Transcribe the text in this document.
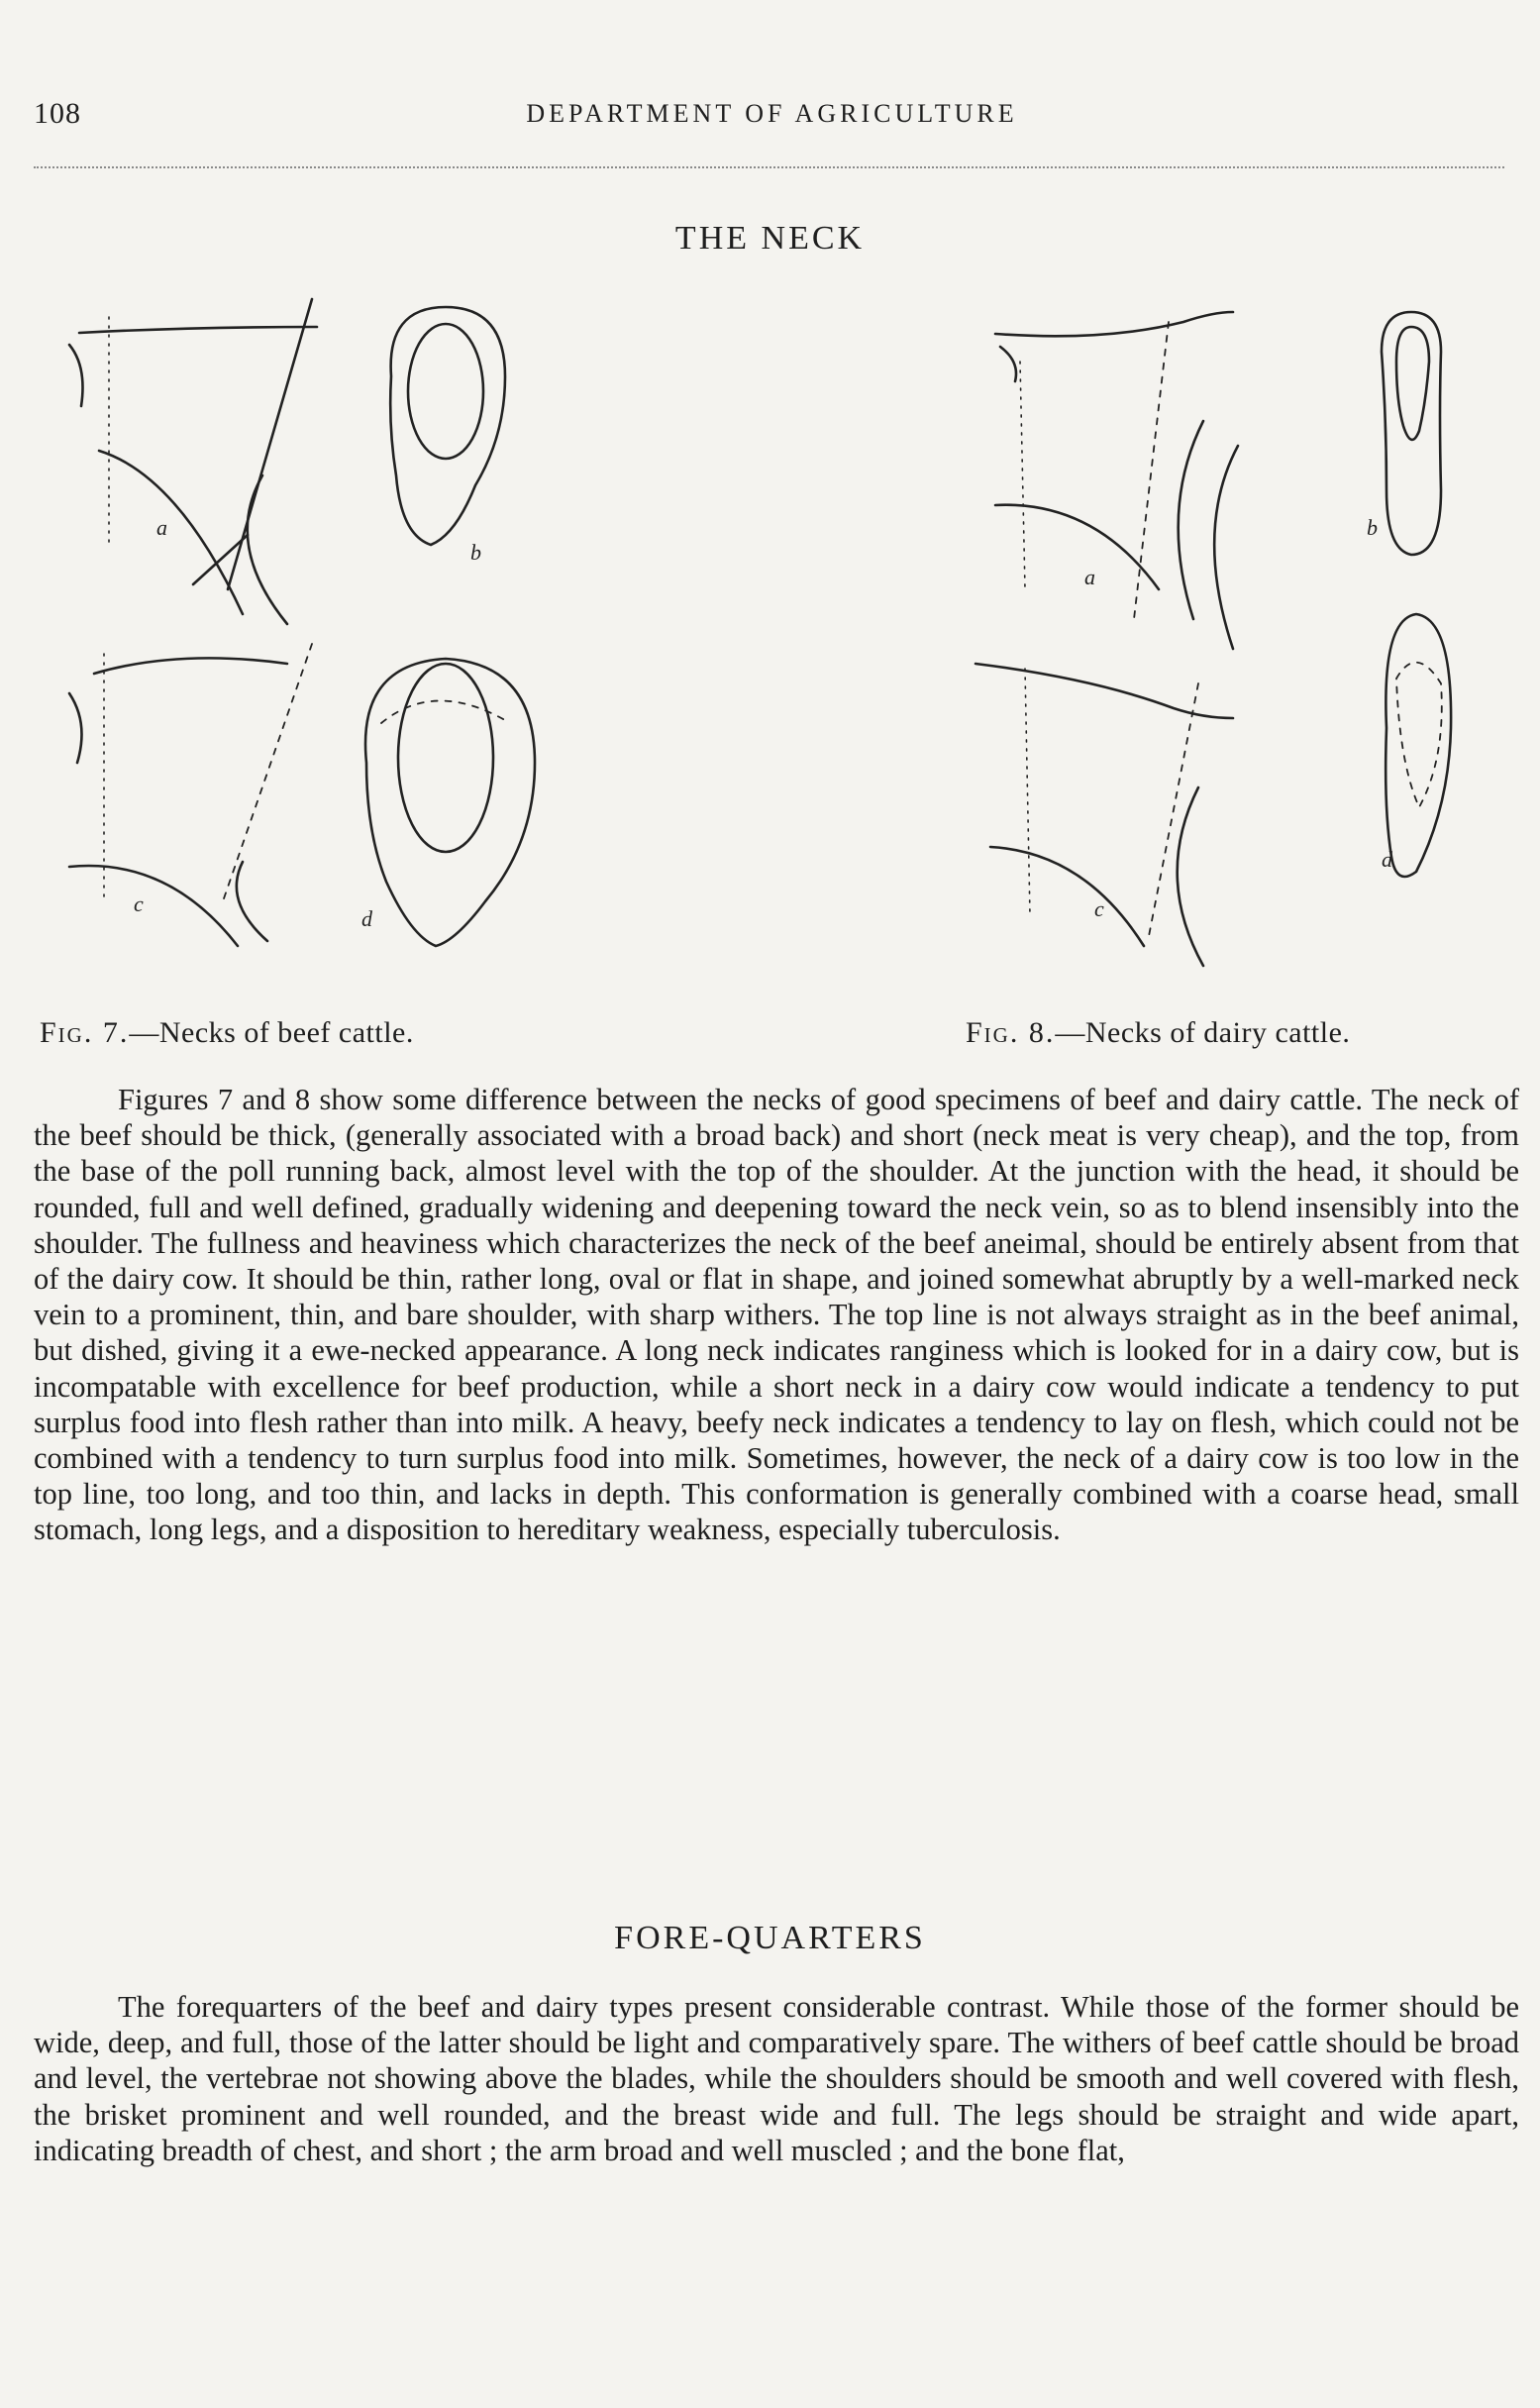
108	DEPARTMENT OF AGRICULTURE
THE NECK
a
b
c
d
a
b
c
d
Fig. 7.—Necks of beef cattle.	Fig. 8.—Necks of dairy cattle.

Figures 7 and 8 show some difference between the necks of good specimens of beef and dairy cattle. The neck of the beef should be thick, (generally associated with a broad back) and short (neck meat is very cheap), and the top, from the base of the poll running back, almost level with the top of the shoulder. At the junction with the head, it should be rounded, full and well defined, gradually widening and deepening toward the neck vein, so as to blend insensibly into the shoulder. The fullness and heaviness which characterizes the neck of the beef aneimal, should be entirely absent from that of the dairy cow. It should be thin, rather long, oval or flat in shape, and joined somewhat abruptly by a well-marked neck vein to a prominent, thin, and bare shoulder, with sharp withers. The top line is not always straight as in the beef animal, but dished, giving it a ewe-necked appearance. A long neck indicates ranginess which is looked for in a dairy cow, but is incompatable with excellence for beef production, while a short neck in a dairy cow would indicate a tendency to put surplus food into flesh rather than into milk. A heavy, beefy neck indicates a tendency to lay on flesh, which could not be combined with a tendency to turn surplus food into milk. Sometimes, however, the neck of a dairy cow is too low in the top line, too long, and too thin, and lacks in depth. This conformation is generally combined with a coarse head, small stomach, long legs, and a disposition to hereditary weakness, especially tuberculosis.

FORE-QUARTERS

The forequarters of the beef and dairy types present considerable contrast. While those of the former should be wide, deep, and full, those of the latter should be light and comparatively spare. The withers of beef cattle should be broad and level, the vertebrae not showing above the blades, while the shoulders should be smooth and well covered with flesh, the brisket prominent and well rounded, and the breast wide and full. The legs should be straight and wide apart, indicating breadth of chest, and short ; the arm broad and well muscled ; and the bone flat,
